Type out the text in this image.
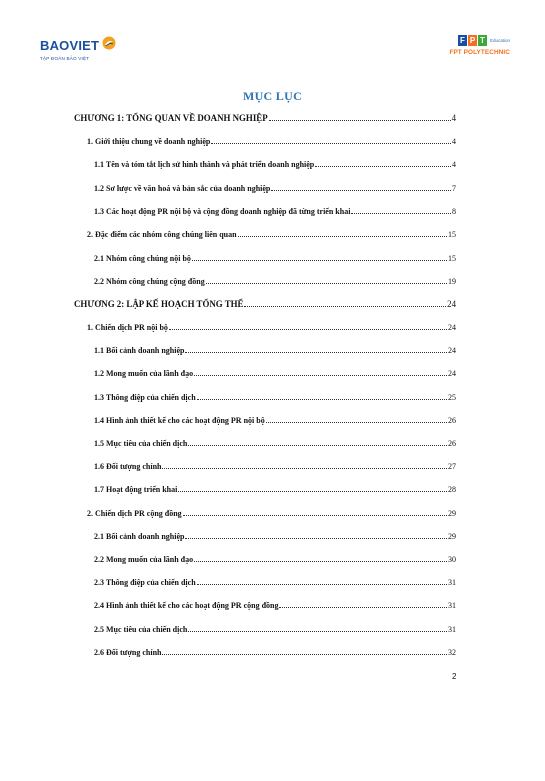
BAOVIET
TẬP ĐOÀN BẢO VIỆT
F P T	Education
FPT POLYTECHNIC
MỤC LỤC
CHƯƠNG 1: TỔNG QUAN VỀ DOANH NGHIỆP	4
1. Giới thiệu chung về doanh nghiệp	4
1.1 Tên và tóm tắt lịch sử hình thành và phát triển doanh nghiệp	4
1.2 Sơ lược về văn hoá và bản sắc của doanh nghiệp	7
1.3 Các hoạt động PR nội bộ và cộng đồng doanh nghiệp đã từng triển khai	8
2. Đặc điểm các nhóm công chúng liên quan	15
2.1 Nhóm công chúng nội bộ	15
2.2 Nhóm công chúng cộng đồng	19
CHƯƠNG 2: LẬP KẾ HOẠCH TỔNG THỂ	24
1. Chiến dịch PR nội bộ	24
1.1 Bối cảnh doanh nghiệp	24
1.2 Mong muốn của lãnh đạo	24
1.3 Thông điệp của chiến dịch	25
1.4 Hình ảnh thiết kế cho các hoạt động PR nội bộ	26
1.5 Mục tiêu của chiến dịch	26
1.6 Đối tượng chính	27
1.7 Hoạt động triển khai	28
2. Chiến dịch PR cộng đồng	29
2.1 Bối cảnh doanh nghiệp	29
2.2 Mong muốn của lãnh đạo	30
2.3 Thông điệp của chiến dịch	31
2.4 Hình ảnh thiết kế cho các hoạt động PR cộng đồng	31
2.5 Mục tiêu của chiến dịch	31
2.6 Đối tượng chính	32
2
